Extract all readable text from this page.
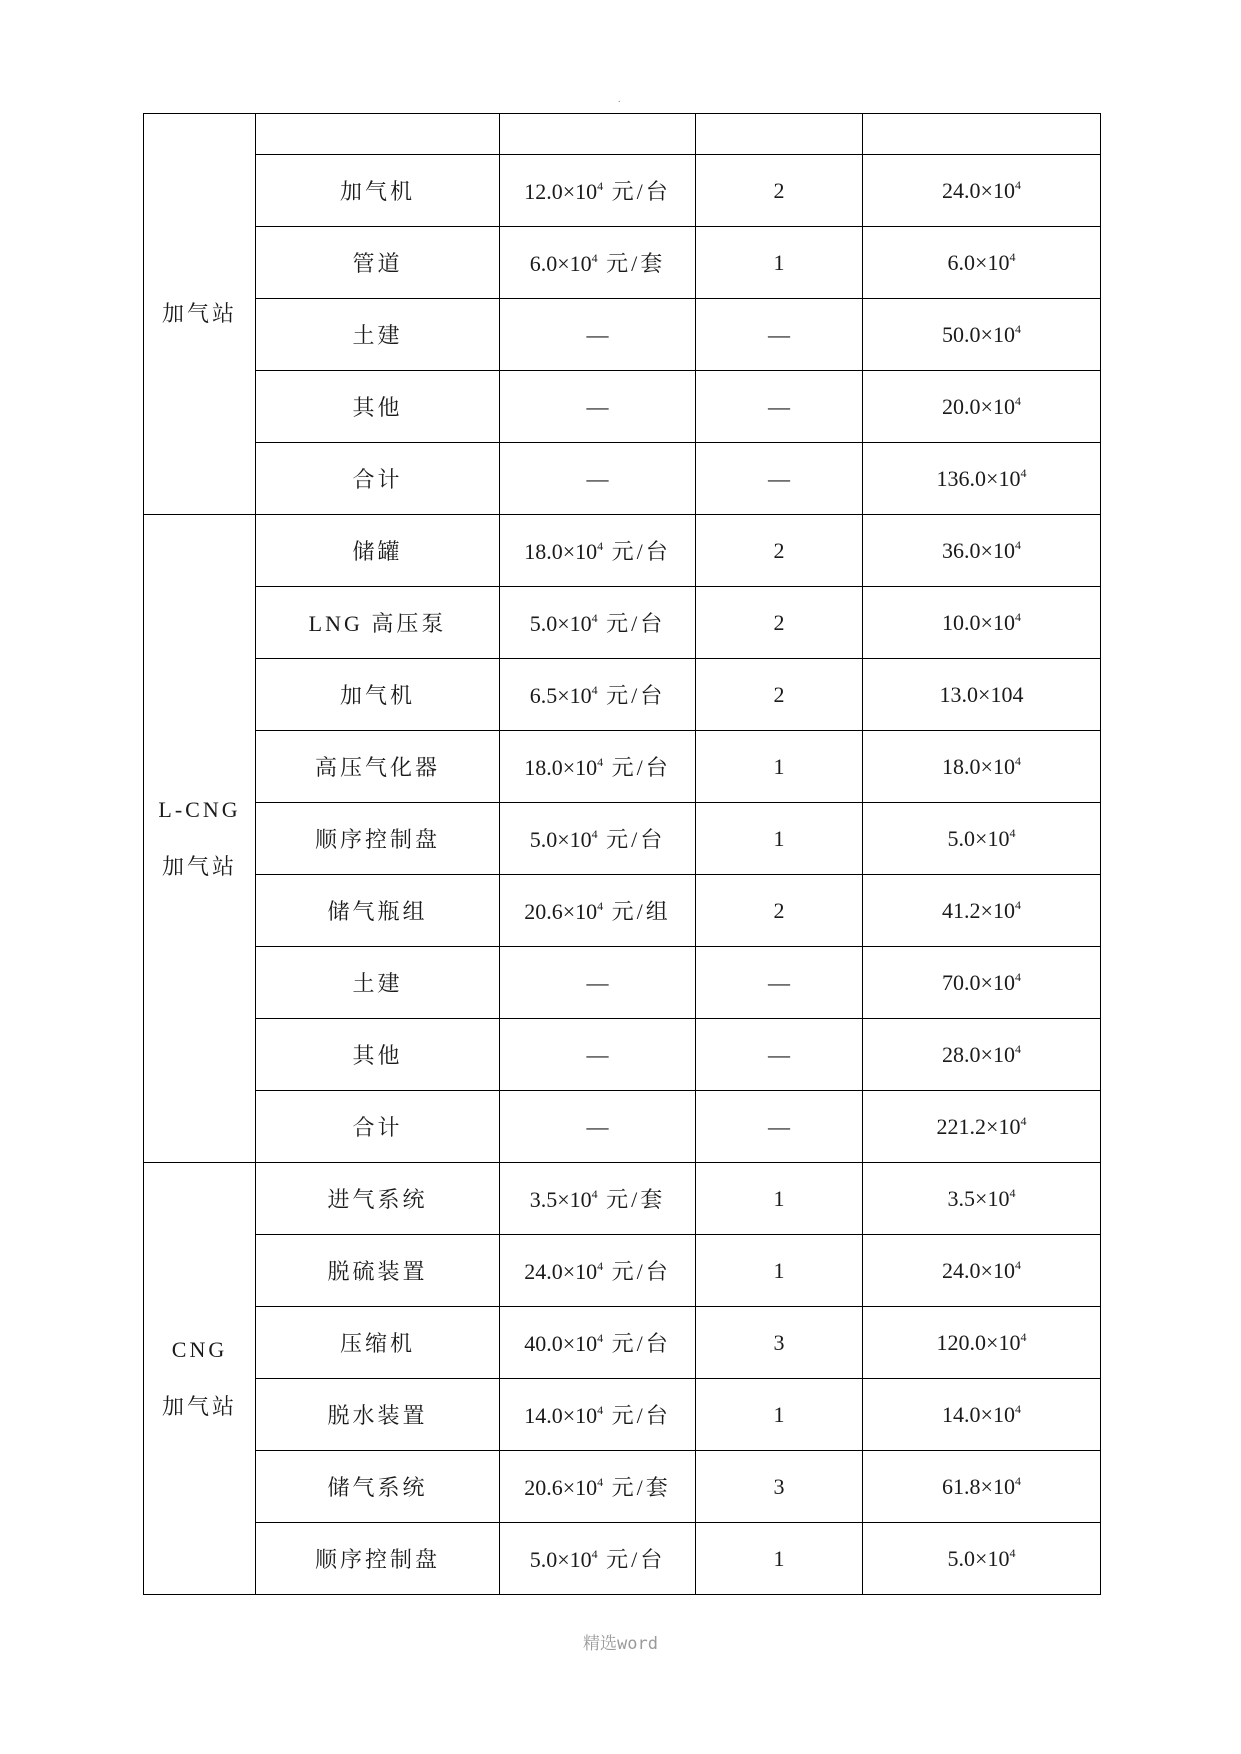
.
加气站				

	加气机	$12.0\times 10^4$ 元/台	2	$24.0\times 10^4$
	管道	$6.0\times 10^4$ 元/套	1	$6.0\times 10^4$
	土建	—	—	$50.0\times 10^4$
	其他	—	—	$20.0\times 10^4$
	合计	—	—	$136.0\times 10^4$

L-CNG
加气站	储罐	$18.0\times 10^4$ 元/台	2	$36.0\times 10^4$
	LNG 高压泵	$5.0\times 10^4$ 元/台	2	$10.0\times 10^4$
	加气机	$6.5\times 10^4$ 元/台	2	13.0×104
	高压气化器	$18.0\times 10^4$ 元/台	1	$18.0\times 10^4$
	顺序控制盘	$5.0\times 10^4$ 元/台	1	$5.0\times 10^4$
	储气瓶组	$20.6\times 10^4$ 元/组	2	$41.2\times 10^4$
	土建	—	—	$70.0\times 10^4$
	其他	—	—	$28.0\times 10^4$
	合计	—	—	$221.2\times 10^4$

CNG
加气站	进气系统	$3.5\times 10^4$ 元/套	1	$3.5\times 10^4$
	脱硫装置	$24.0\times 10^4$ 元/台	1	$24.0\times 10^4$
	压缩机	$40.0\times 10^4$ 元/台	3	$120.0\times 10^4$
	脱水装置	$14.0\times 10^4$ 元/台	1	$14.0\times 10^4$
	储气系统	$20.6\times 10^4$ 元/套	3	$61.8\times 10^4$
	顺序控制盘	$5.0\times 10^4$ 元/台	1	$5.0\times 10^4$
精选word
